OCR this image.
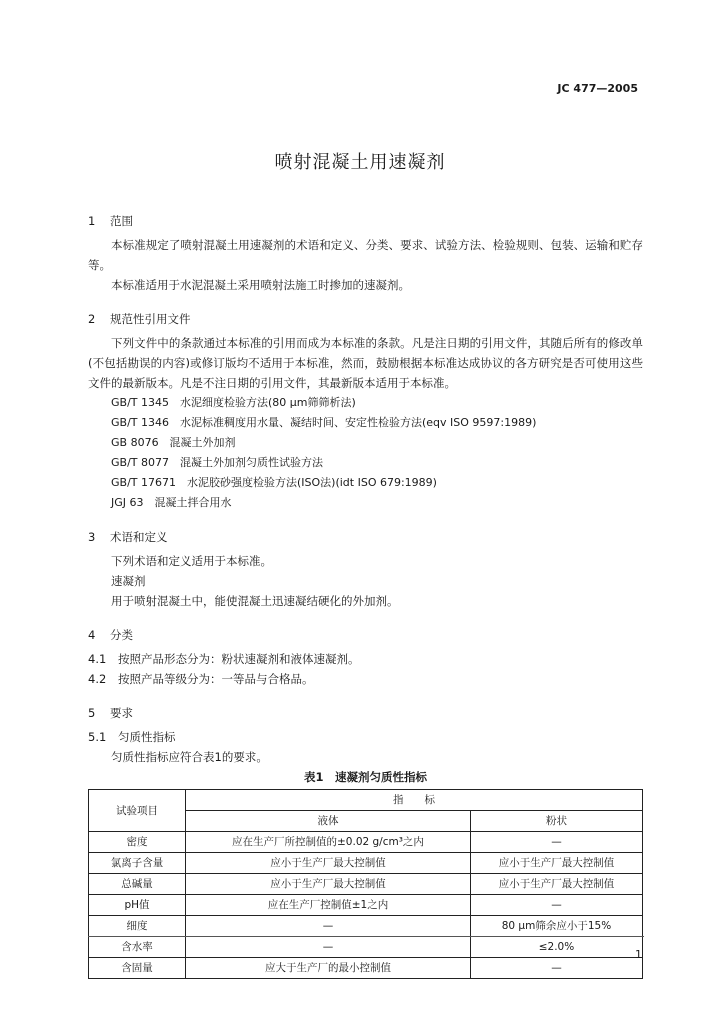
JC 477—2005
喷射混凝土用速凝剂
1 范围
本标准规定了喷射混凝土用速凝剂的术语和定义、分类、要求、试验方法、检验规则、包装、运输和贮存等。
本标准适用于水泥混凝土采用喷射法施工时掺加的速凝剂。
2 规范性引用文件
下列文件中的条款通过本标准的引用而成为本标准的条款。凡是注日期的引用文件，其随后所有的修改单(不包括勘误的内容)或修订版均不适用于本标准，然而，鼓励根据本标准达成协议的各方研究是否可使用这些文件的最新版本。凡是不注日期的引用文件，其最新版本适用于本标准。
GB/T 1345　水泥细度检验方法(80 μm筛筛析法)
GB/T 1346　水泥标准稠度用水量、凝结时间、安定性检验方法(eqv ISO 9597:1989)
GB 8076　混凝土外加剂
GB/T 8077　混凝土外加剂匀质性试验方法
GB/T 17671　水泥胶砂强度检验方法(ISO法)(idt ISO 679:1989)
JGJ 63　混凝土拌合用水
3 术语和定义
下列术语和定义适用于本标准。
速凝剂
用于喷射混凝土中，能使混凝土迅速凝结硬化的外加剂。
4 分类
4.1 按照产品形态分为：粉状速凝剂和液体速凝剂。
4.2 按照产品等级分为：一等品与合格品。
5 要求
5.1 匀质性指标
匀质性指标应符合表1的要求。
表1　速凝剂匀质性指标
试验项目	指　　标	
	液体	粉状
密度	应在生产厂所控制值的±0.02 g/cm³之内	—
氯离子含量	应小于生产厂最大控制值	应小于生产厂最大控制值
总碱量	应小于生产厂最大控制值	应小于生产厂最大控制值
pH值	应在生产厂控制值±1之内	—
细度	—	80 μm筛余应小于15%
含水率	—	≤2.0%
含固量	应大于生产厂的最小控制值	—
1
